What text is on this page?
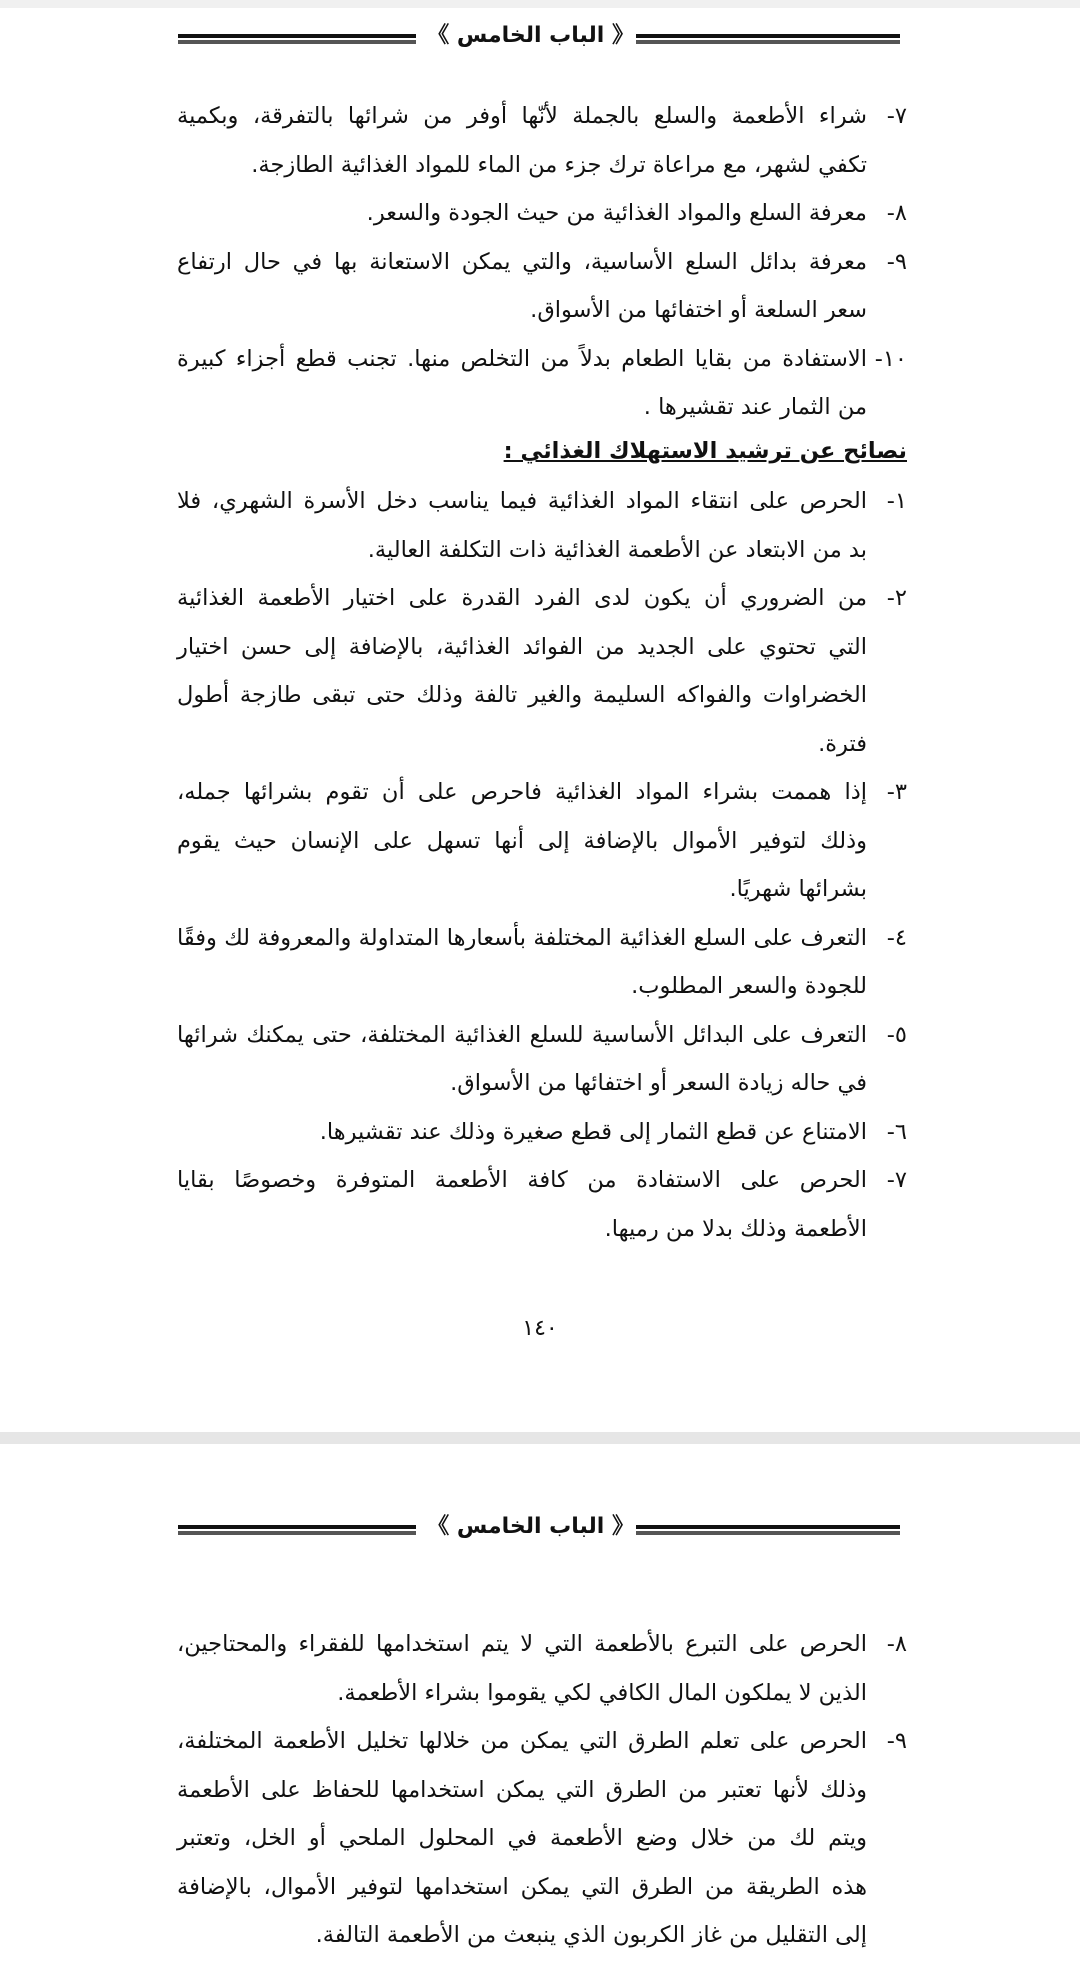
《 الباب الخامس 》
٧-
شراء الأطعمة والسلع بالجملة لأنّها أوفر من شرائها بالتفرقة، وبكمية
تكفي لشهر، مع مراعاة ترك جزء من الماء للمواد الغذائية الطازجة.
٨-
معرفة السلع والمواد الغذائية من حيث الجودة والسعر.
٩-
معرفة بدائل السلع الأساسية، والتي يمكن الاستعانة بها في حال ارتفاع
سعر السلعة أو اختفائها من الأسواق.
١٠-
الاستفادة من بقايا الطعام بدلاً من التخلص منها. تجنب قطع أجزاء كبيرة
من الثمار عند تقشيرها .
نصائح عن ترشيد الاستهلاك الغذائي :
١-
الحرص على انتقاء المواد الغذائية فيما يناسب دخل الأسرة الشهري، فلا
بد من الابتعاد عن الأطعمة الغذائية ذات التكلفة العالية.
٢-
من الضروري أن يكون لدى الفرد القدرة على اختيار الأطعمة الغذائية
التي تحتوي على الجديد من الفوائد الغذائية، بالإضافة إلى حسن اختيار
الخضراوات والفواكه السليمة والغير تالفة وذلك حتى تبقى طازجة أطول
فترة.
٣-
إذا هممت بشراء المواد الغذائية فاحرص على أن تقوم بشرائها جمله،
وذلك لتوفير الأموال بالإضافة إلى أنها تسهل على الإنسان حيث يقوم
بشرائها شهريًا.
٤-
التعرف على السلع الغذائية المختلفة بأسعارها المتداولة والمعروفة لك وفقًا
للجودة والسعر المطلوب.
٥-
التعرف على البدائل الأساسية للسلع الغذائية المختلفة، حتى يمكنك شرائها
في حاله زيادة السعر أو اختفائها من الأسواق.
٦-
الامتناع عن قطع الثمار إلى قطع صغيرة وذلك عند تقشيرها.
٧-
الحرص على الاستفادة من كافة الأطعمة المتوفرة وخصوصًا بقايا
الأطعمة وذلك بدلا من رميها.
١٤٠
《 الباب الخامس 》
٨-
الحرص على التبرع بالأطعمة التي لا يتم استخدامها للفقراء والمحتاجين،
الذين لا يملكون المال الكافي لكي يقوموا بشراء الأطعمة.
٩-
الحرص على تعلم الطرق التي يمكن من خلالها تخليل الأطعمة المختلفة،
وذلك لأنها تعتبر من الطرق التي يمكن استخدامها للحفاظ على الأطعمة
ويتم لك من خلال وضع الأطعمة في المحلول الملحي أو الخل، وتعتبر
هذه الطريقة من الطرق التي يمكن استخدامها لتوفير الأموال، بالإضافة
إلى التقليل من غاز الكربون الذي ينبعث من الأطعمة التالفة.
